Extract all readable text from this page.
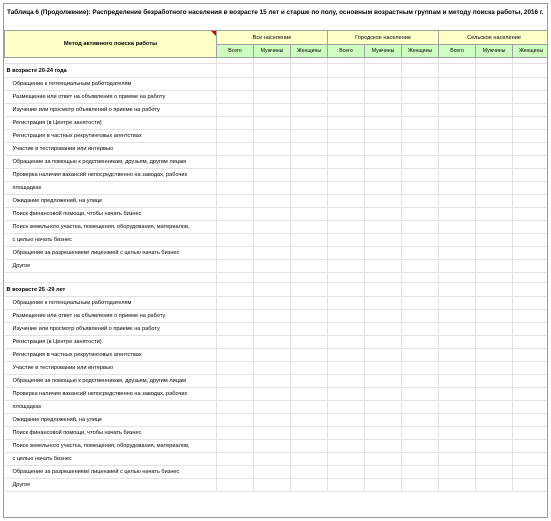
Таблица 6 (Продолжение): Распределение безработного населения в возрасте 15 лет и старше по полу, основным возрастным группам и методу поиска работы, 2016 г.
Метод активного поиска работы	Все население			Городское население			Сельское население		
	Всего	Мужчины	Женщины	Всего	Мужчины	Женщины	Всего	Мужчины	Женщины

В возрасте 20-24 года									
Обращение к потенциальным работодателям									
Размещение или ответ на объявления о приеме на работу									
Изучение или просмотр объявлений о приеме на работу									
Регистрация (в Центре занятости)									
Регистрация в частных рекрутинговых агентствах									
Участие в тестировании или интервью									
Обращение за помощью к родственникам, друзьям, другим лицам									
Проверка наличия вакансий непосредственно на заводах, рабочих									
площадках									
Ожидание предложений, на улице									
Поиск финансовой помощи, чтобы начать бизнес									
Поиск земельного участка, помещения, оборудования, материалов,									
с целью начать бизнес									
Обращение за разрешением/ лицензией с целью начать бизнес									
Другое									

В возрасте 25 -29 лет									
Обращение к потенциальным работодателям									
Размещение или ответ на объявления о приеме на работу									
Изучение или просмотр объявлений о приеме на работу									
Регистрация (в Центре занятости)									
Регистрация в частных рекрутинговых агентствах									
Участие в тестировании или интервью									
Обращение за помощью к родственникам, друзьям, другим лицам									
Проверка наличия вакансий непосредственно на заводах, рабочих									
площадках									
Ожидание предложений, на улице									
Поиск финансовой помощи, чтобы начать бизнес									
Поиск земельного участка, помещения, оборудования, материалов,									
с целью начать бизнес									
Обращение за разрешением/ лицензией с целью начать бизнес									
Другое									
